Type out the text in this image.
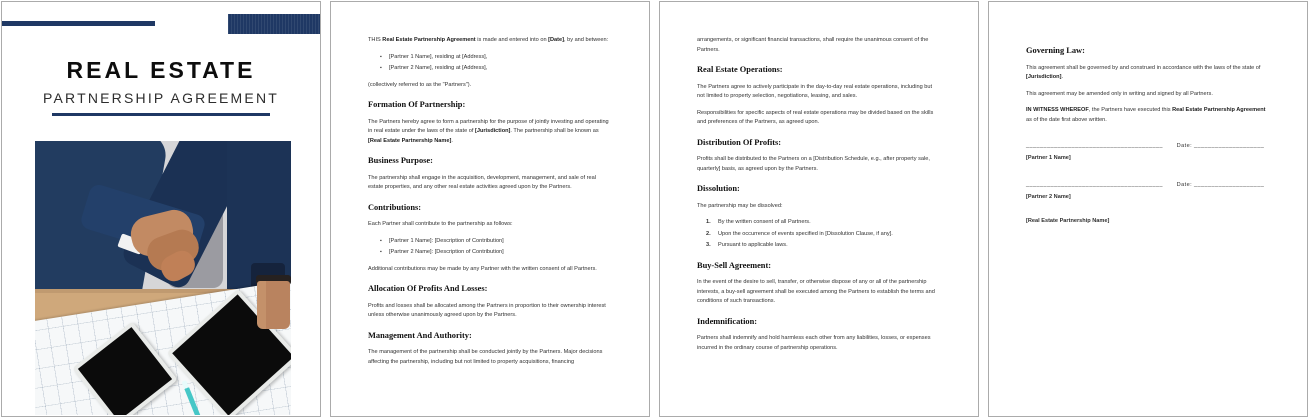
REAL ESTATE
PARTNERSHIP AGREEMENT

THIS Real Estate Partnership Agreement is made and entered into on [Date], by and between:

▪ [Partner 1 Name], residing at [Address],
▪ [Partner 2 Name], residing at [Address],

(collectively referred to as the "Partners").

Formation Of Partnership:

The Partners hereby agree to form a partnership for the purpose of jointly investing and operating in real estate under the laws of the state of [Jurisdiction]. The partnership shall be known as [Real Estate Partnership Name].

Business Purpose:

The partnership shall engage in the acquisition, development, management, and sale of real estate properties, and any other real estate activities agreed upon by the Partners.

Contributions:

Each Partner shall contribute to the partnership as follows:

▪ [Partner 1 Name]: [Description of Contribution]
▪ [Partner 2 Name]: [Description of Contribution]

Additional contributions may be made by any Partner with the written consent of all Partners.

Allocation Of Profits And Losses:

Profits and losses shall be allocated among the Partners in proportion to their ownership interest unless otherwise unanimously agreed upon by the Partners.

Management And Authority:

The management of the partnership shall be conducted jointly by the Partners. Major decisions affecting the partnership, including but not limited to property acquisitions, financing

arrangements, or significant financial transactions, shall require the unanimous consent of the Partners.

Real Estate Operations:

The Partners agree to actively participate in the day-to-day real estate operations, including but not limited to property selection, negotiations, leasing, and sales.

Responsibilities for specific aspects of real estate operations may be divided based on the skills and preferences of the Partners, as agreed upon.

Distribution Of Profits:

Profits shall be distributed to the Partners on a [Distribution Schedule, e.g., after property sale, quarterly] basis, as agreed upon by the Partners.

Dissolution:

The partnership may be dissolved:

By the written consent of all Partners.
Upon the occurrence of events specified in [Dissolution Clause, if any].
Pursuant to applicable laws.
Buy-Sell Agreement:

In the event of the desire to sell, transfer, or otherwise dispose of any or all of the partnership interests, a buy-sell agreement shall be executed among the Partners to establish the terms and conditions of such transactions.

Indemnification:

Partners shall indemnify and hold harmless each other from any liabilities, losses, or expenses incurred in the ordinary course of partnership operations.

Governing Law:

This agreement shall be governed by and construed in accordance with the laws of the state of [Jurisdiction].

This agreement may be amended only in writing and signed by all Partners.

IN WITNESS WHEREOF, the Partners have executed this Real Estate Partnership Agreement as of the date first above written.

_______________________________________	Date: ____________________
[Partner 1 Name]
_______________________________________	Date: ____________________
[Partner 2 Name]
[Real Estate Partnership Name]
